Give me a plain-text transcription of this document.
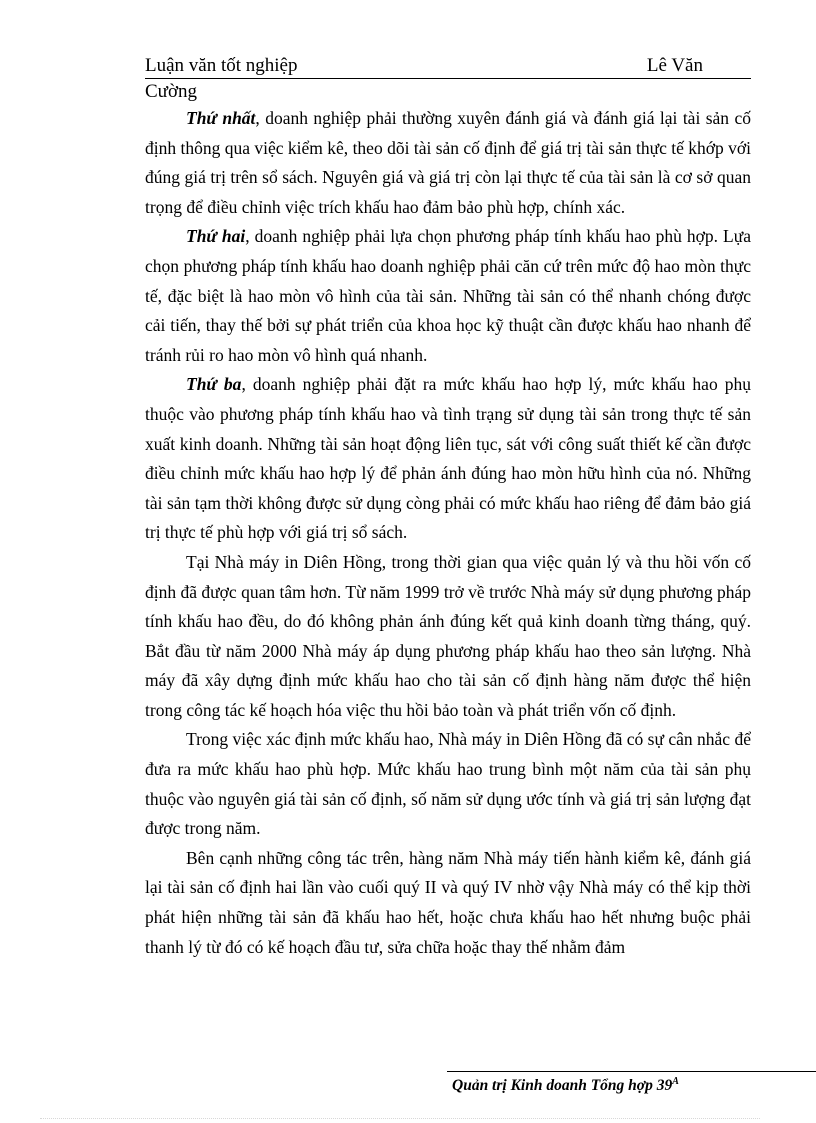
Luận văn tốt nghiệp	Lê Văn
Cường

Thứ nhất, doanh nghiệp phải thường xuyên đánh giá và đánh giá lại tài sản cố định thông qua việc kiểm kê, theo dõi tài sản cố định để giá trị tài sản thực tế khớp với đúng giá trị trên sổ sách. Nguyên giá và giá trị còn lại thực tế của tài sản là cơ sở quan trọng để điều chỉnh việc trích khấu hao đảm bảo phù hợp, chính xác.

Thứ hai, doanh nghiệp phải lựa chọn phương pháp tính khấu hao phù hợp. Lựa chọn phương pháp tính khấu hao doanh nghiệp phải căn cứ trên mức độ hao mòn thực tế, đặc biệt là hao mòn vô hình của tài sản. Những tài sản có thể nhanh chóng được cải tiến, thay thế bởi sự phát triển của khoa học kỹ thuật cần được khấu hao nhanh để tránh rủi ro hao mòn vô hình quá nhanh.

Thứ ba, doanh nghiệp phải đặt ra mức khấu hao hợp lý, mức khấu hao phụ thuộc vào phương pháp tính khấu hao và tình trạng sử dụng tài sản trong thực tế sản xuất kinh doanh. Những tài sản hoạt động liên tục, sát với công suất thiết kế cần được điều chỉnh mức khấu hao hợp lý để phản ánh đúng hao mòn hữu hình của nó. Những tài sản tạm thời không được sử dụng còng phải có mức khấu hao riêng để đảm bảo giá trị thực tế phù hợp với giá trị sổ sách.

Tại Nhà máy in Diên Hồng, trong thời gian qua việc quản lý và thu hồi vốn cố định đã được quan tâm hơn. Từ năm 1999 trở về trước Nhà máy sử dụng phương pháp tính khấu hao đều, do đó không phản ánh đúng kết quả kinh doanh từng tháng, quý. Bắt đầu từ năm 2000 Nhà máy áp dụng phương pháp khấu hao theo sản lượng. Nhà máy đã xây dựng định mức khấu hao cho tài sản cố định hàng năm được thể hiện trong công tác kế hoạch hóa việc thu hồi bảo toàn và phát triển vốn cố định.

Trong việc xác định mức khấu hao, Nhà máy in Diên Hồng đã có sự cân nhắc để đưa ra mức khấu hao phù hợp. Mức khấu hao trung bình một năm của tài sản phụ thuộc vào nguyên giá tài sản cố định, số năm sử dụng ước tính và giá trị sản lượng đạt được trong năm.

Bên cạnh những công tác trên, hàng năm Nhà máy tiến hành kiểm kê, đánh giá lại tài sản cố định hai lần vào cuối quý II và quý IV nhờ vậy Nhà máy có thể kịp thời phát hiện những tài sản đã khấu hao hết, hoặc chưa khấu hao hết nhưng buộc phải thanh lý từ đó có kế hoạch đầu tư, sửa chữa hoặc thay thế nhằm đảm

Quản trị Kinh doanh Tổng hợp $39^A$
